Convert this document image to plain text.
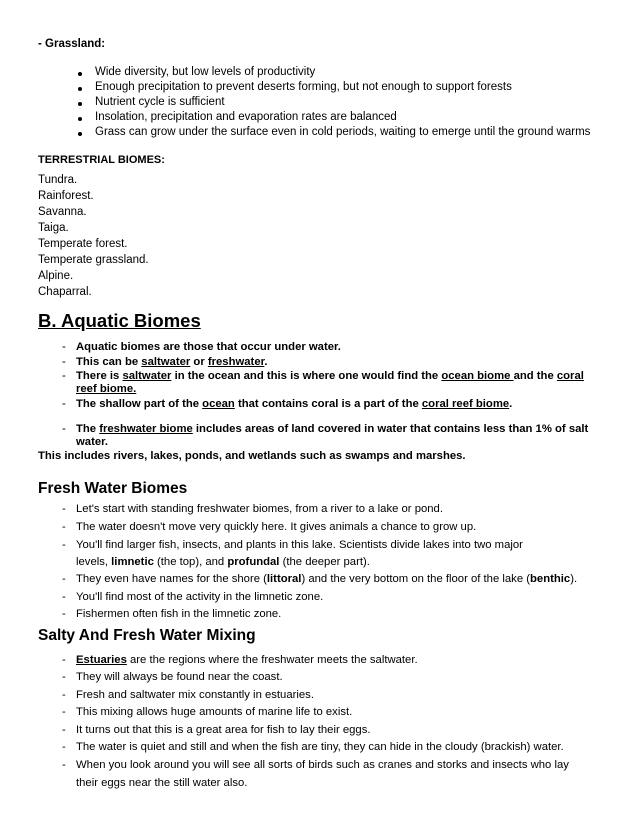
- Grassland:
Wide diversity, but low levels of productivity
Enough precipitation to prevent deserts forming, but not enough to support forests
Nutrient cycle is sufficient
Insolation, precipitation and evaporation rates are balanced
Grass can grow under the surface even in cold periods, waiting to emerge until the ground warms
TERRESTRIAL BIOMES:
Tundra.
Rainforest.
Savanna.
Taiga.
Temperate forest.
Temperate grassland.
Alpine.
Chaparral.
B. Aquatic Biomes
- Aquatic biomes are those that occur under water.
- This can be saltwater or freshwater.
- There is saltwater in the ocean and this is where one would find the ocean biome and the coral
reef biome.
- The shallow part of the ocean that contains coral is a part of the coral reef biome.
- The freshwater biome includes areas of land covered in water that contains less than 1% of salt
water.
This includes rivers, lakes, ponds, and wetlands such as swamps and marshes.
Fresh Water Biomes
- Let's start with standing freshwater biomes, from a river to a lake or pond.
- The water doesn't move very quickly here. It gives animals a chance to grow up.
- You'll find larger fish, insects, and plants in this lake. Scientists divide lakes into two major
levels, limnetic (the top), and profundal (the deeper part).
- They even have names for the shore (littoral) and the very bottom on the floor of the lake (benthic).
- You'll find most of the activity in the limnetic zone.
- Fishermen often fish in the limnetic zone.
Salty And Fresh Water Mixing
- Estuaries are the regions where the freshwater meets the saltwater.
- They will always be found near the coast.
- Fresh and saltwater mix constantly in estuaries.
- This mixing allows huge amounts of marine life to exist.
- It turns out that this is a great area for fish to lay their eggs.
- The water is quiet and still and when the fish are tiny, they can hide in the cloudy (brackish) water.
- When you look around you will see all sorts of birds such as cranes and storks and insects who lay
their eggs near the still water also.
